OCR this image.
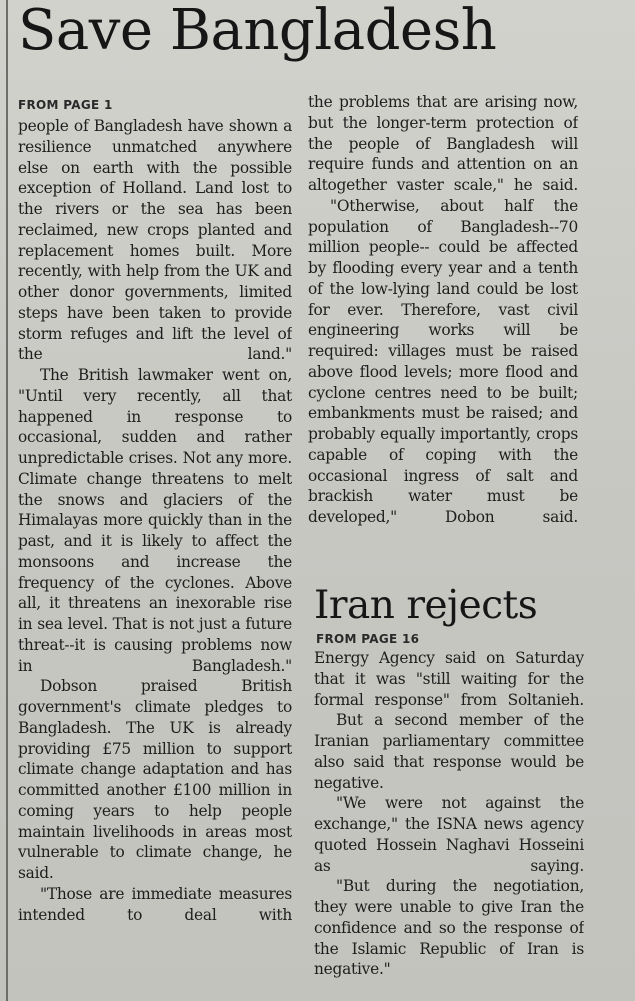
Save Bangladesh
FROM PAGE 1

people of Bangladesh have shown a resilience unmatched anywhere else on earth with the possible exception of Holland. Land lost to the rivers or the sea has been reclaimed, new crops planted and replacement homes built. More recently, with help from the UK and other donor governments, limited steps have been taken to provide storm refuges and lift the level of the land."

The British lawmaker went on, "Until very recently, all that happened in response to occasional, sudden and rather unpredictable crises. Not any more. Climate change threatens to melt the snows and glaciers of the Himalayas more quickly than in the past, and it is likely to affect the monsoons and increase the frequency of the cyclones. Above all, it threatens an inexorable rise in sea level. That is not just a future threat--it is causing problems now in Bangladesh."

Dobson praised British government's climate pledges to Bangladesh. The UK is already providing £75 million to support climate change adaptation and has committed another £100 million in coming years to help people maintain livelihoods in areas most vulnerable to climate change, he said.

"Those are immediate measures intended to deal with

the problems that are arising now, but the longer-term protection of the people of Bangladesh will require funds and attention on an altogether vaster scale," he said.

"Otherwise, about half the population of Bangladesh--70 million people-- could be affected by flooding every year and a tenth of the low-lying land could be lost for ever. Therefore, vast civil engineering works will be required: villages must be raised above flood levels; more flood and cyclone centres need to be built; embankments must be raised; and probably equally importantly, crops capable of coping with the occasional ingress of salt and brackish water must be developed," Dobon said.

Iran rejects
FROM PAGE 16

Energy Agency said on Saturday that it was "still waiting for the formal response" from Soltanieh.

But a second member of the Iranian parliamentary committee also said that response would be negative.

"We were not against the exchange," the ISNA news agency quoted Hossein Naghavi Hosseini as saying.

"But during the negotiation, they were unable to give Iran the confidence and so the response of the Islamic Republic of Iran is negative."
